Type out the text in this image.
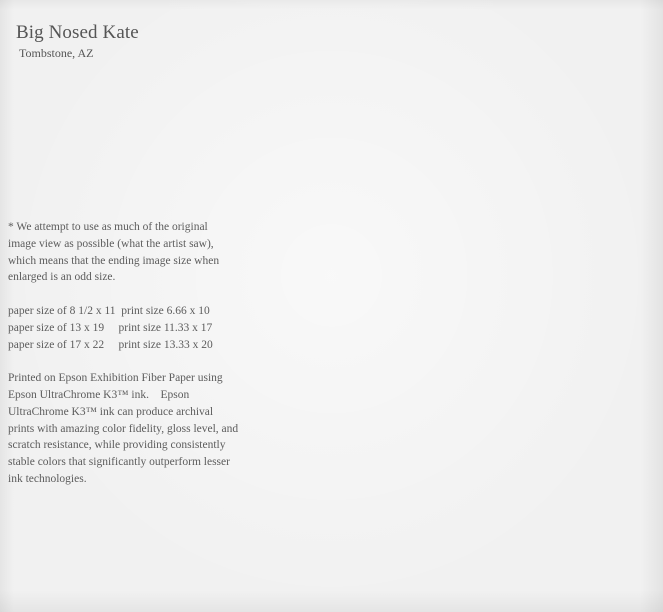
Big Nosed Kate
Tombstone, AZ

* We attempt to use as much of the original
image view as possible (what the artist saw),
which means that the ending image size when
enlarged is an odd size.

paper size of 8 1/2 x 11  print size 6.66 x 10
paper size of 13 x 19     print size 11.33 x 17
paper size of 17 x 22     print size 13.33 x 20

Printed on Epson Exhibition Fiber Paper using
Epson UltraChrome K3™ ink.    Epson
UltraChrome K3™ ink can produce archival
prints with amazing color fidelity, gloss level, and
scratch resistance, while providing consistently
stable colors that significantly outperform lesser
ink technologies.
